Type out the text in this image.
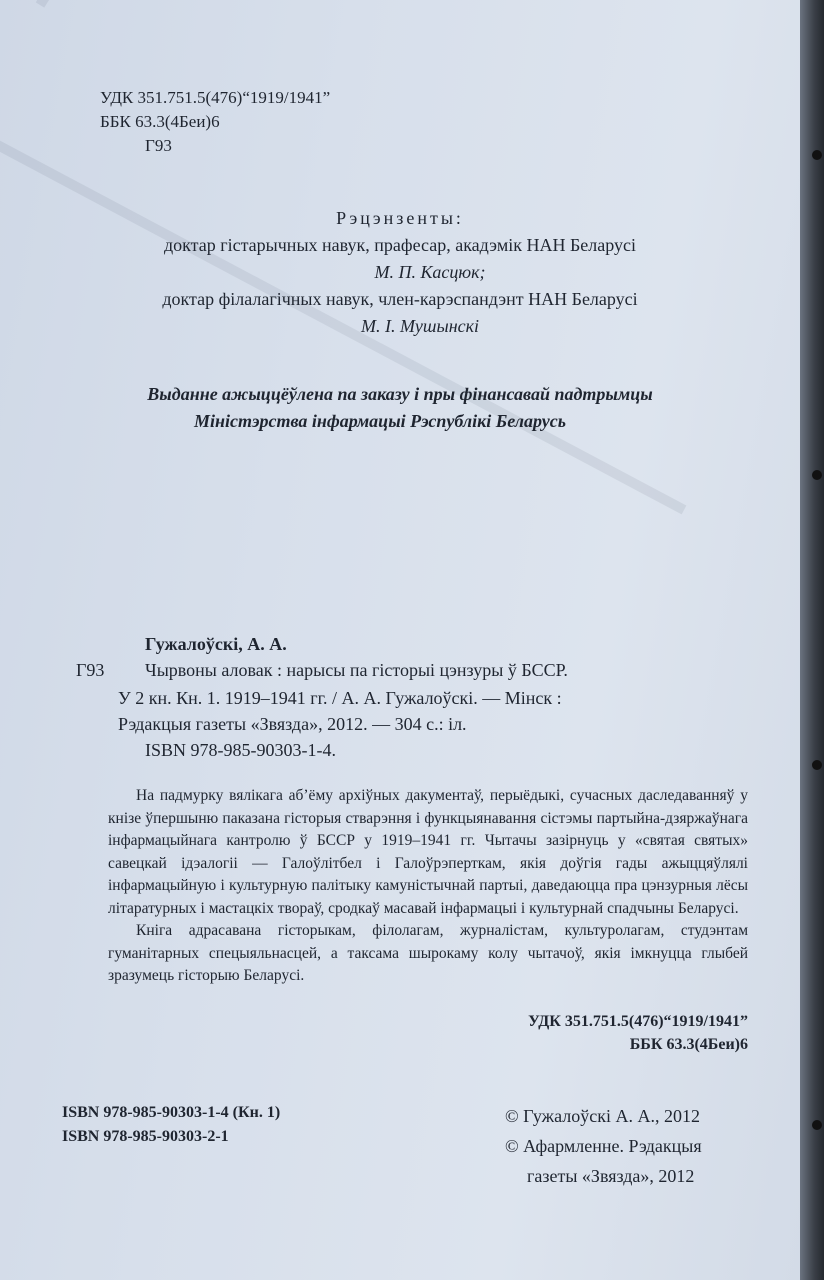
УДК 351.751.5(476)“1919/1941”
ББК 63.3(4Беи)6
Г93
Рэцэнзенты:
доктар гістарычных навук, прафесар, акадэмік НАН Беларусі
М. П. Касцюк;
доктар філалагічных навук, член-карэспандэнт НАН Беларусі
М. І. Мушынскі
Выданне ажыццёўлена па заказу і пры фінансавай падтрымцы
Міністэрства інфармацыі Рэспублікі Беларусь
Гужалоўскі, А. А.
Г93 Чырвоны аловак : нарысы па гісторыі цэнзуры ў БССР.
У 2 кн. Кн. 1. 1919–1941 гг. / А. А. Гужалоўскі. — Мінск :
Рэдакцыя газеты «Звязда», 2012. — 304 с.: іл.
ISBN 978-985-90303-1-4.

На падмурку вялікага аб’ёму архіўных дакументаў, перыёдыкі, сучасных даследаванняў у кнізе ўпершыню паказана гісторыя стварэння і функцыянавання сістэмы партыйна-дзяржаўнага інфармацыйнага кантролю ў БССР у 1919–1941 гг. Чытачы зазірнуць у «святая святых» савецкай ідэалогіі — Галоўлітбел і Галоўрэперткам, якія доўгія гады ажыццяўлялі інфармацыйную і культурную палітыку камуністычнай партыі, даведаюцца пра цэнзурныя лёсы літаратурных і мастацкіх твораў, сродкаў масавай інфармацыі і культурнай спадчыны Беларусі.

Кніга адрасавана гісторыкам, філолагам, журналістам, культуролагам, студэнтам гуманітарных спецыяльнасцей, а таксама шырокаму колу чытачоў, якія імкнуцца глыбей зразумець гісторыю Беларусі.

УДК 351.751.5(476)“1919/1941”
ББК 63.3(4Беи)6
ISBN 978-985-90303-1-4 (Кн. 1)
ISBN 978-985-90303-2-1
© Гужалоўскі А. А., 2012
© Афармленне. Рэдакцыя
газеты «Звязда», 2012
